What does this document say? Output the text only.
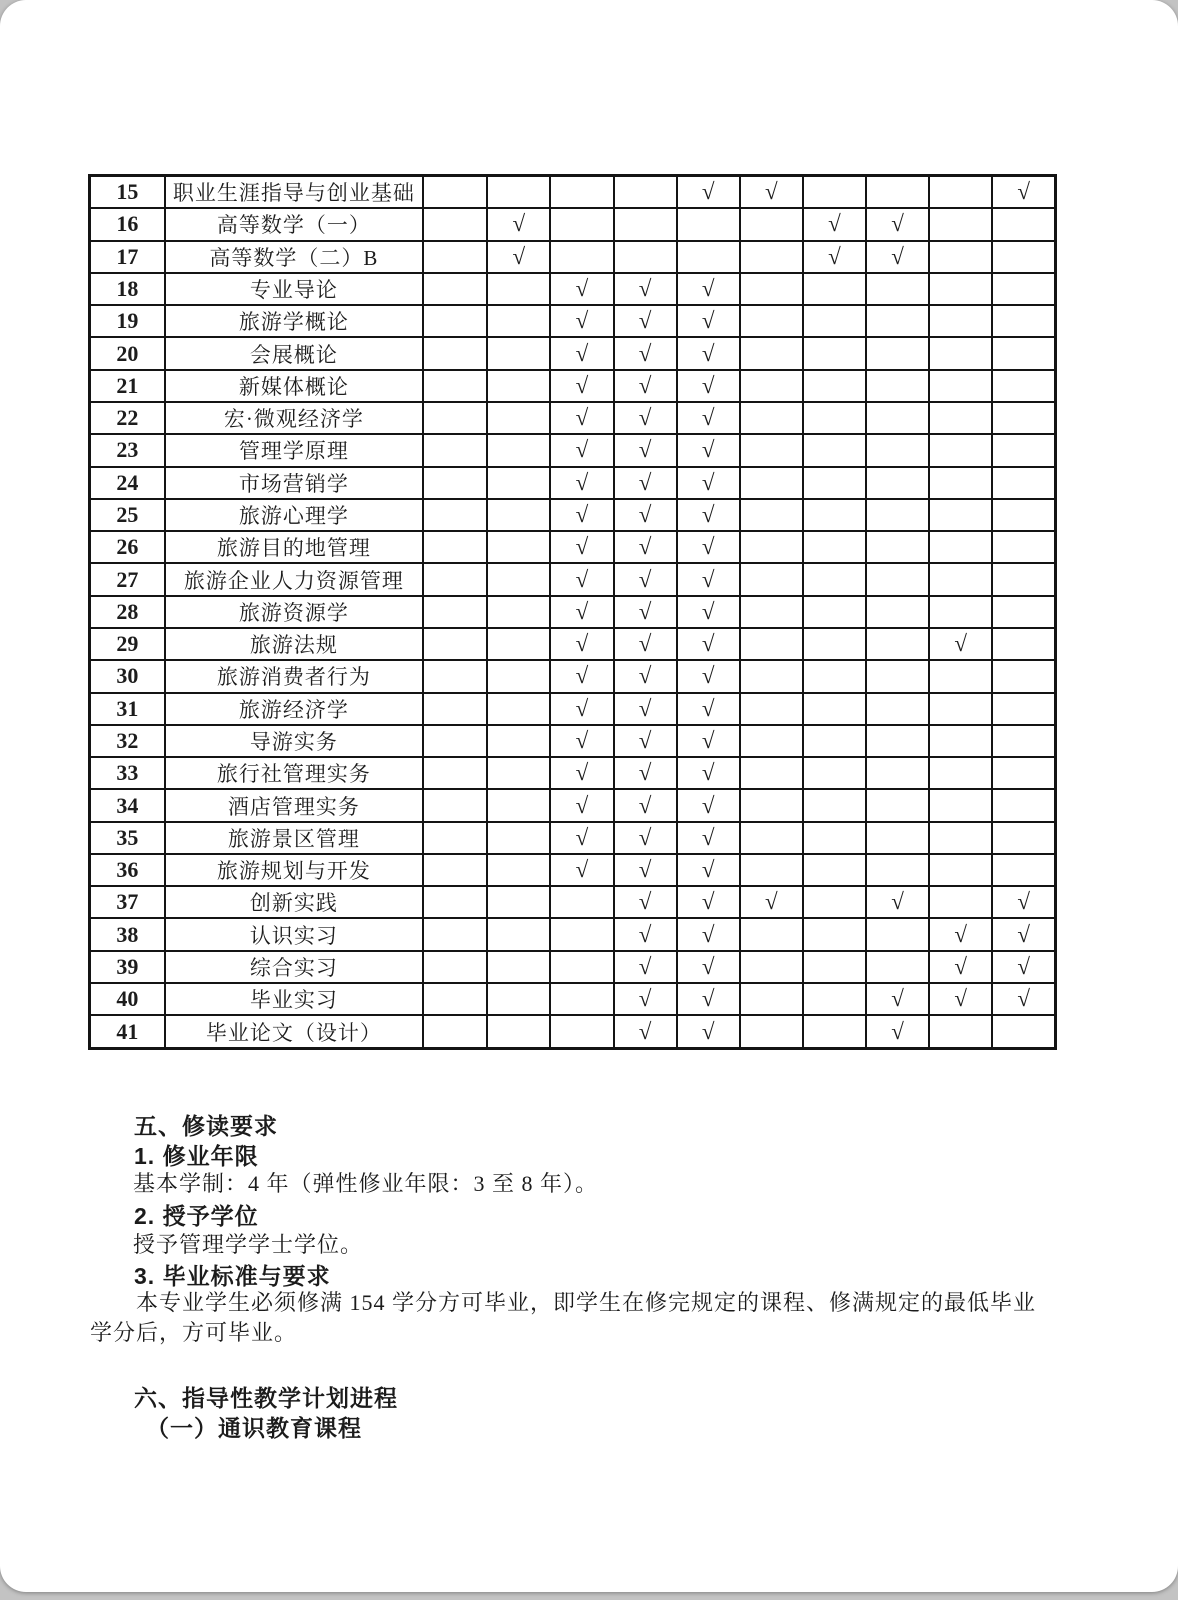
15	职业生涯指导与创业基础					√	√				√
16	高等数学（一）		√					√	√		
17	高等数学（二）B		√					√	√		
18	专业导论			√	√	√					
19	旅游学概论			√	√	√					
20	会展概论			√	√	√					
21	新媒体概论			√	√	√					
22	宏·微观经济学			√	√	√					
23	管理学原理			√	√	√					
24	市场营销学			√	√	√					
25	旅游心理学			√	√	√					
26	旅游目的地管理			√	√	√					
27	旅游企业人力资源管理			√	√	√					
28	旅游资源学			√	√	√					
29	旅游法规			√	√	√				√	
30	旅游消费者行为			√	√	√					
31	旅游经济学			√	√	√					
32	导游实务			√	√	√					
33	旅行社管理实务			√	√	√					
34	酒店管理实务			√	√	√					
35	旅游景区管理			√	√	√					
36	旅游规划与开发			√	√	√					
37	创新实践				√	√	√		√		√
38	认识实习				√	√				√	√
39	综合实习				√	√				√	√
40	毕业实习				√	√			√	√	√
41	毕业论文（设计）				√	√			√		
五、修读要求
1. 修业年限
基本学制：4 年（弹性修业年限：3 至 8 年）。
2. 授予学位
授予管理学学士学位。
3. 毕业标准与要求
本专业学生必须修满 154 学分方可毕业，即学生在修完规定的课程、修满规定的最低毕业学分后，方可毕业。
六、指导性教学计划进程
（一）通识教育课程
